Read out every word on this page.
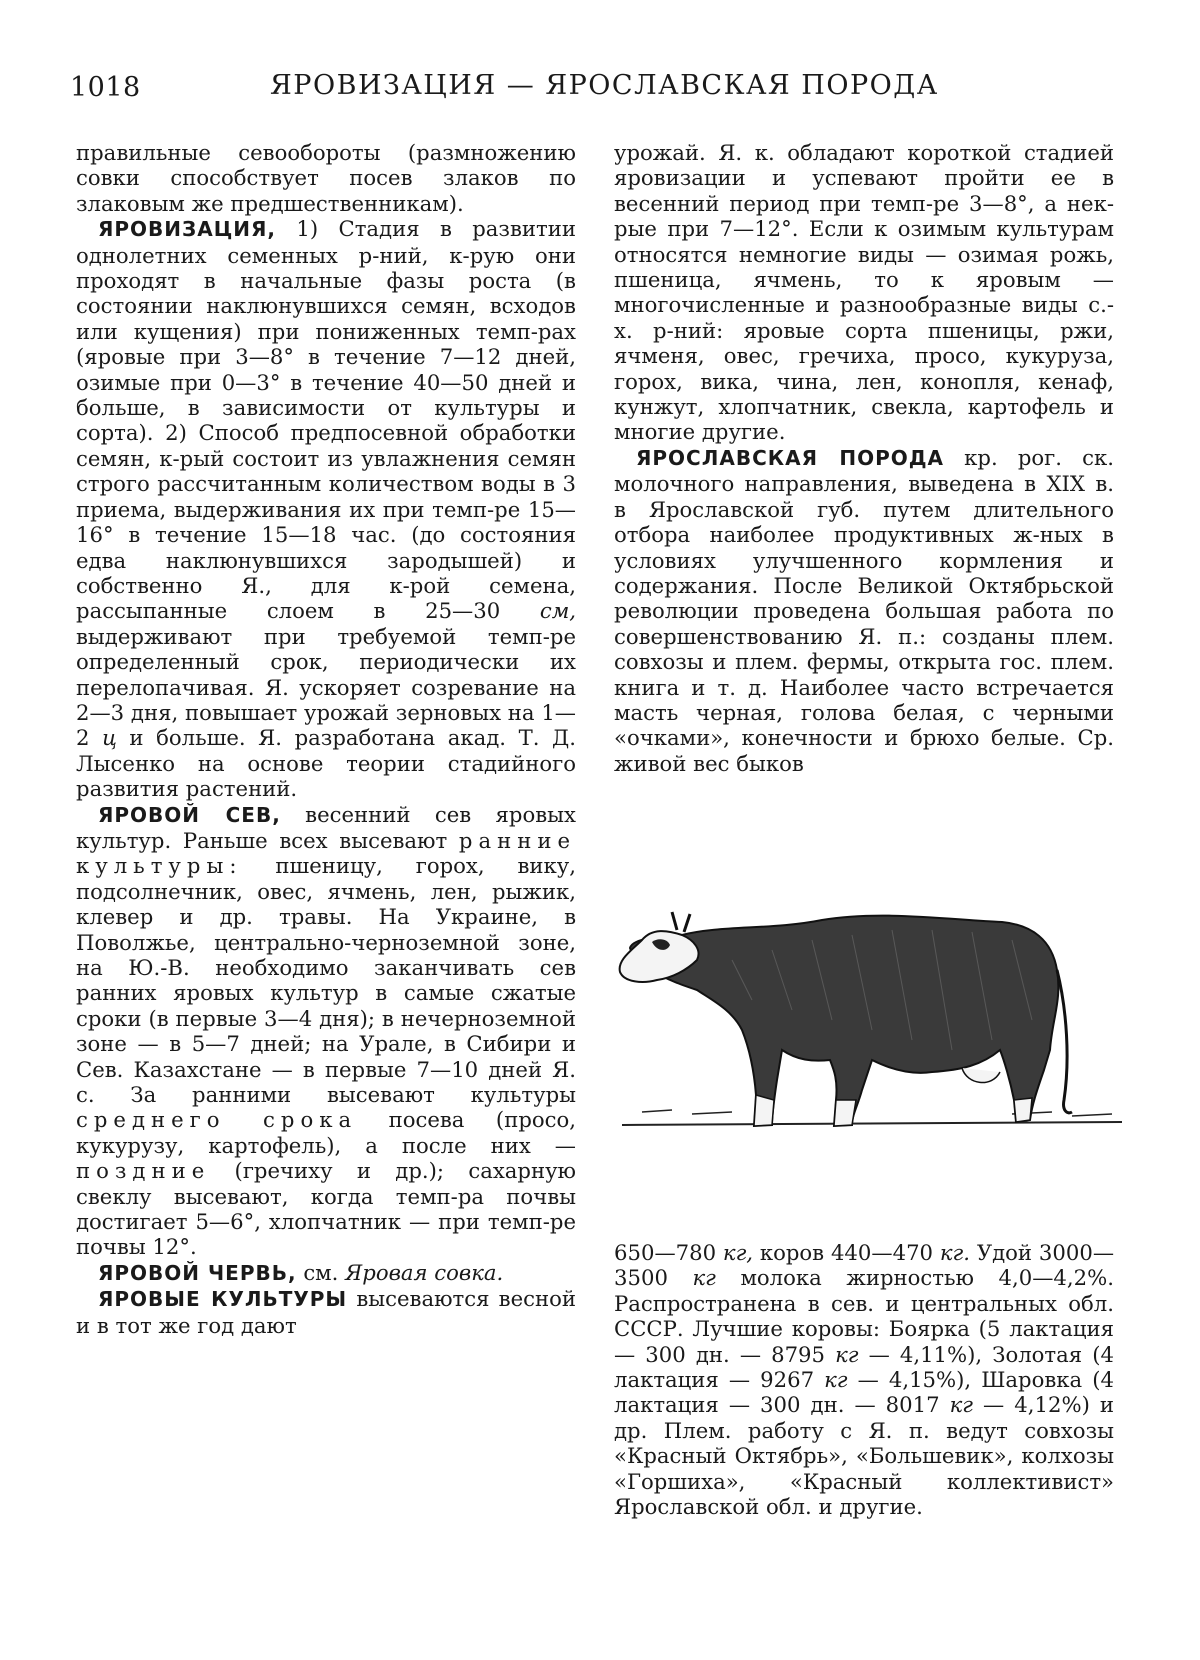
1018	ЯРОВИЗАЦИЯ — ЯРОСЛАВСКАЯ ПОРОДА

правильные севообороты (размножению совки способствует посев злаков по злаковым же предшественникам).

ЯРОВИЗАЦИЯ, 1) Стадия в развитии однолетних семенных р-ний, к-рую они проходят в начальные фазы роста (в состоянии наклюнувшихся семян, всходов или кущения) при пониженных темп-рах (яровые при 3—8° в течение 7—12 дней, озимые при 0—3° в течение 40—50 дней и больше, в зависимости от культуры и сорта). 2) Способ предпосевной обработки семян, к-рый состоит из увлажнения семян строго рассчитанным количеством воды в 3 приема, выдерживания их при темп-ре 15—16° в течение 15—18 час. (до состояния едва наклюнувшихся зародышей) и собственно Я., для к-рой семена, рассыпанные слоем в 25—30 см, выдерживают при требуемой темп-ре определенный срок, периодически их перелопачивая. Я. ускоряет созревание на 2—3 дня, повышает урожай зерновых на 1—2 ц и больше. Я. разработана акад. Т. Д. Лысенко на основе теории стадийного развития растений.

ЯРОВОЙ СЕВ, весенний сев яровых культур. Раньше всех высевают ранние культуры: пшеницу, горох, вику, подсолнечник, овес, ячмень, лен, рыжик, клевер и др. травы. На Украине, в Поволжье, центрально-черноземной зоне, на Ю.-В. необходимо заканчивать сев ранних яровых культур в самые сжатые сроки (в первые 3—4 дня); в нечерноземной зоне — в 5—7 дней; на Урале, в Сибири и Сев. Казахстане — в первые 7—10 дней Я. с. За ранними высевают культуры среднего срока посева (просо, кукурузу, картофель), а после них — поздние (гречиху и др.); сахарную свеклу высевают, когда темп-ра почвы достигает 5—6°, хлопчатник — при темп-ре почвы 12°.

ЯРОВОЙ ЧЕРВЬ, см. Яровая совка.

ЯРОВЫЕ КУЛЬТУРЫ высеваются весной и в тот же год дают

урожай. Я. к. обладают короткой стадией яровизации и успевают пройти ее в весенний период при темп-ре 3—8°, а нек-рые при 7—12°. Если к озимым культурам относятся немногие виды — озимая рожь, пшеница, ячмень, то к яровым — многочисленные и разнообразные виды с.-х. р-ний: яровые сорта пшеницы, ржи, ячменя, овес, гречиха, просо, кукуруза, горох, вика, чина, лен, конопля, кенаф, кунжут, хлопчатник, свекла, картофель и многие другие.

ЯРОСЛАВСКАЯ ПОРОДА кр. рог. ск. молочного направления, выведена в XIX в. в Ярославской губ. путем длительного отбора наиболее продуктивных ж-ных в условиях улучшенного кормления и содержания. После Великой Октябрьской революции проведена большая работа по совершенствованию Я. п.: созданы плем. совхозы и плем. фермы, открыта гос. плем. книга и т. д. Наиболее часто встречается масть черная, голова белая, с черными «очками», конечности и брюхо белые. Ср. живой вес быков

650—780 кг, коров 440—470 кг. Удой 3000—3500 кг молока жирностью 4,0—4,2%. Распространена в сев. и центральных обл. СССР. Лучшие коровы: Боярка (5 лактация — 300 дн. — 8795 кг — 4,11%), Золотая (4 лактация — 9267 кг — 4,15%), Шаровка (4 лактация — 300 дн. — 8017 кг — 4,12%) и др. Плем. работу с Я. п. ведут совхозы «Красный Октябрь», «Большевик», колхозы «Горшиха», «Красный коллективист» Ярославской обл. и другие.
